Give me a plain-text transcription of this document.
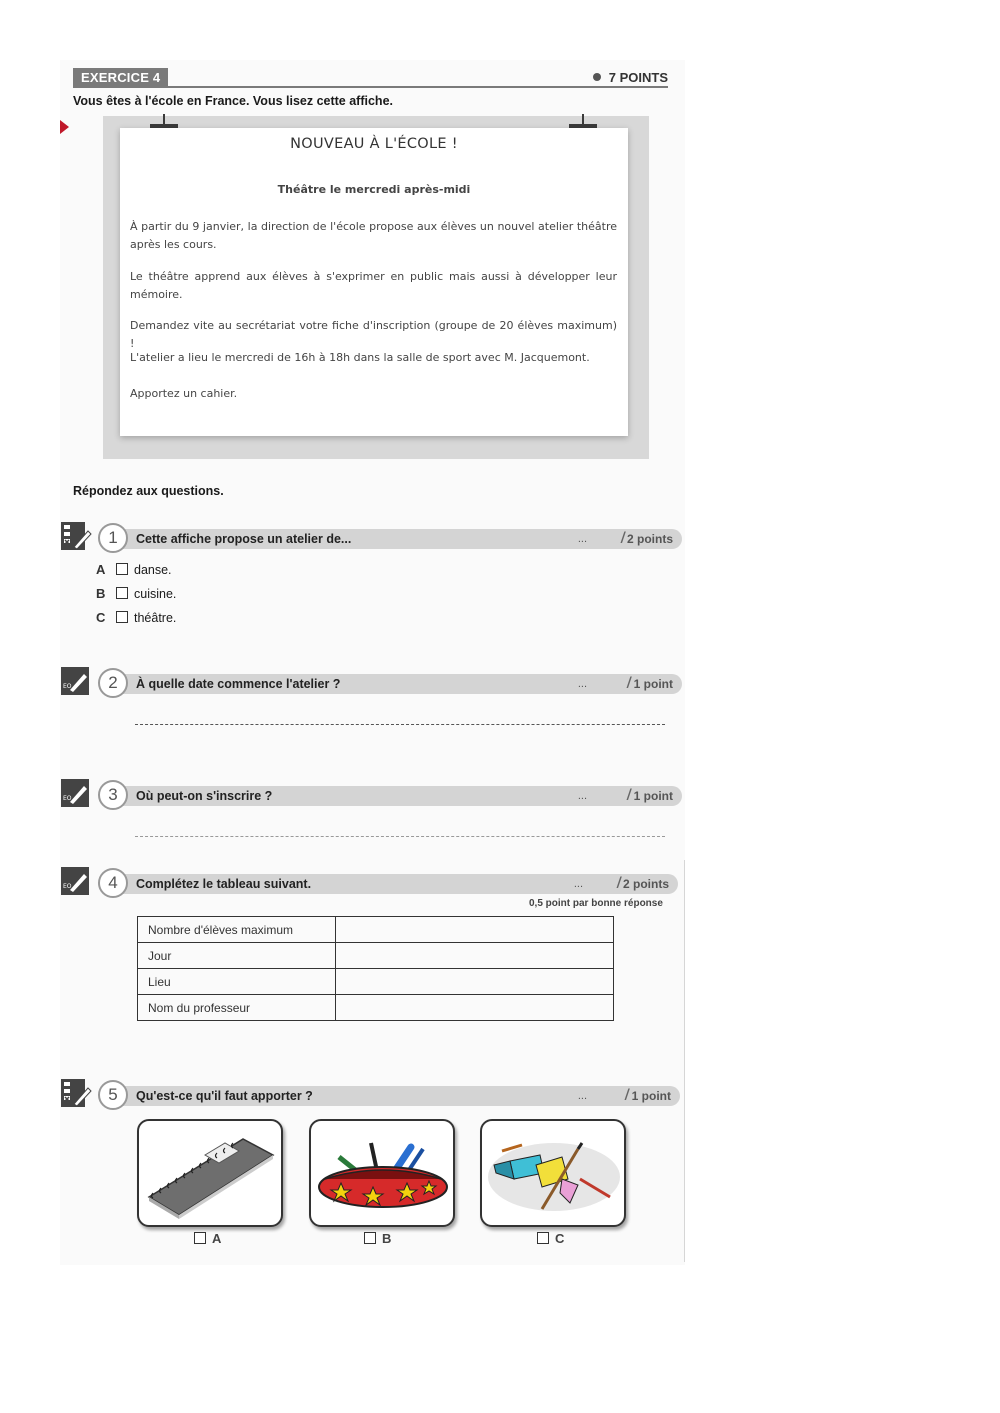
EXERCICE 4	7 POINTS
Vous êtes à l'école en France. Vous lisez cette affiche.
NOUVEAU À L'ÉCOLE !
Théâtre le mercredi après-midi

À partir du 9 janvier, la direction de l'école propose aux élèves un nouvel atelier théâtre après les cours.

Le théâtre apprend aux élèves à s'exprimer en public mais aussi à développer leur mémoire.

Demandez vite au secrétariat votre fiche d'inscription (groupe de 20 élèves maximum) !

L'atelier a lieu le mercredi de 16h à 18h dans la salle de sport avec M. Jacquemont.

Apportez un cahier.

Répondez aux questions.
1	Cette affiche propose un atelier de...	... / 2 points
A danse.
B cuisine.
C théâtre.
EO	2	À quelle date commence l'atelier ?	... / 1 point
EO	3	Où peut-on s'inscrire ?	... / 1 point
EO	4	Complétez le tableau suivant.	... / 2 points
0,5 point par bonne réponse
Nombre d'élèves maximum	
Jour	
Lieu	
Nom du professeur	
5	Qu'est-ce qu'il faut apporter ?	... / 1 point
A	B	C
